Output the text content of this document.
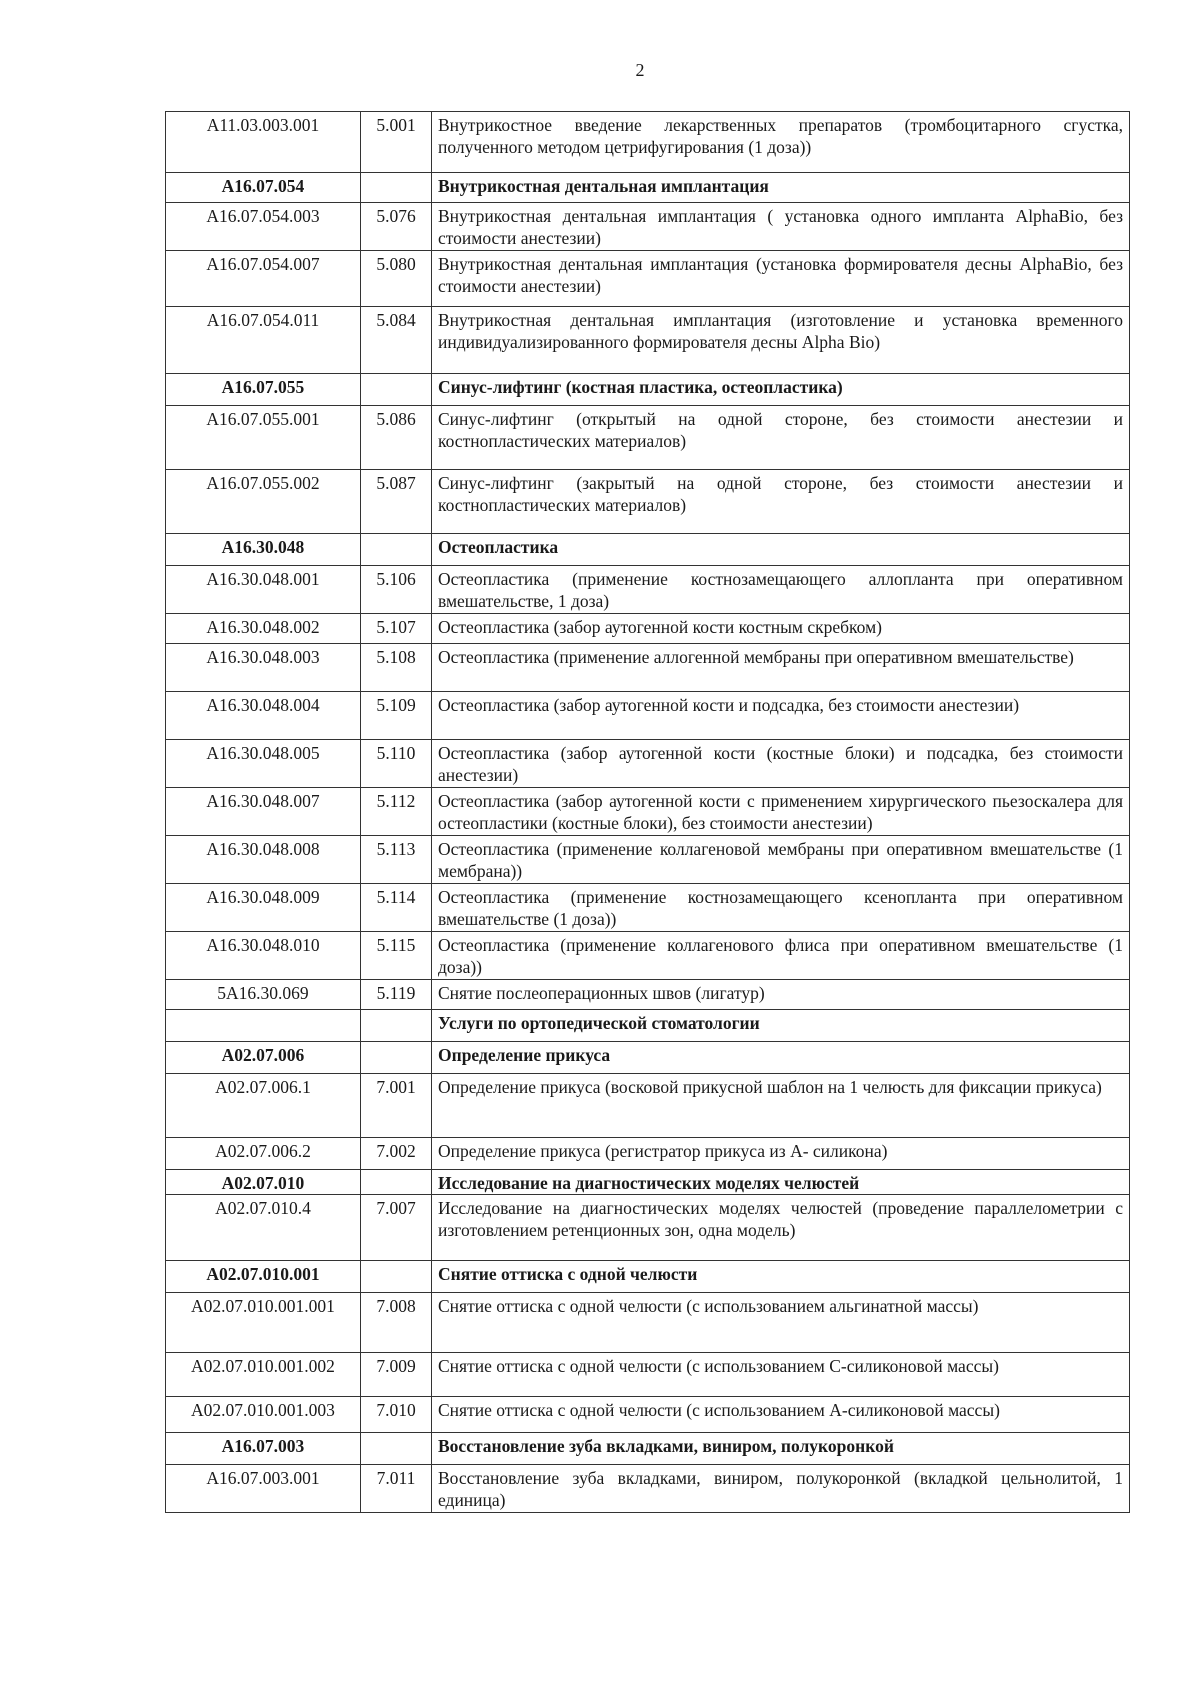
2
A11.03.003.001	5.001	Внутрикостное введение лекарственных препаратов (тромбоцитарного сгустка, полученного методом цетрифугирования (1 доза))
A16.07.054		Внутрикостная дентальная имплантация
A16.07.054.003	5.076	Внутрикостная дентальная имплантация ( установка одного импланта AlphaBio, без стоимости анестезии)
A16.07.054.007	5.080	Внутрикостная дентальная имплантация (установка формирователя десны AlphaBio, без стоимости анестезии)
A16.07.054.011	5.084	Внутрикостная дентальная имплантация (изготовление и установка временного индивидуализированного формирователя десны Alpha Bio)
A16.07.055		Синус-лифтинг (костная пластика, остеопластика)
A16.07.055.001	5.086	Синус-лифтинг (открытый на одной стороне, без стоимости анестезии и костнопластических материалов)
A16.07.055.002	5.087	Синус-лифтинг (закрытый на одной стороне, без стоимости анестезии и костнопластических материалов)
A16.30.048		Остеопластика
A16.30.048.001	5.106	Остеопластика (применение костнозамещающего аллопланта при оперативном вмешательстве, 1 доза)
A16.30.048.002	5.107	Остеопластика (забор аутогенной кости костным скребком)
A16.30.048.003	5.108	Остеопластика (применение аллогенной мембраны при оперативном вмешательстве)
A16.30.048.004	5.109	Остеопластика (забор аутогенной кости и подсадка, без стоимости анестезии)
A16.30.048.005	5.110	Остеопластика (забор аутогенной кости (костные блоки) и подсадка, без стоимости анестезии)
A16.30.048.007	5.112	Остеопластика (забор аутогенной кости с применением хирургического пьезоскалера для остеопластики (костные блоки), без стоимости анестезии)
A16.30.048.008	5.113	Остеопластика (применение коллагеновой мембраны при оперативном вмешательстве (1 мембрана))
A16.30.048.009	5.114	Остеопластика (применение костнозамещающего ксенопланта при оперативном вмешательстве (1 доза))
A16.30.048.010	5.115	Остеопластика (применение коллагенового флиса при оперативном вмешательстве (1 доза))
5A16.30.069	5.119	Снятие послеоперационных швов (лигатур)
		Услуги по ортопедической стоматологии
A02.07.006		Определение прикуса
A02.07.006.1	7.001	Определение прикуса (восковой прикусной шаблон на 1 челюсть для фиксации прикуса)
A02.07.006.2	7.002	Определение прикуса (регистратор прикуса из А- силикона)
A02.07.010		Исследование на диагностических моделях челюстей
A02.07.010.4	7.007	Исследование на диагностических моделях челюстей (проведение параллелометрии с изготовлением ретенционных зон, одна модель)
A02.07.010.001		Снятие оттиска с одной челюсти
A02.07.010.001.001	7.008	Снятие оттиска с одной челюсти (с использованием альгинатной массы)
A02.07.010.001.002	7.009	Снятие оттиска с одной челюсти (с использованием С-силиконовой массы)
A02.07.010.001.003	7.010	Снятие оттиска с одной челюсти (с использованием А-силиконовой массы)
A16.07.003		Восстановление зуба вкладками, виниром, полукоронкой
A16.07.003.001	7.011	Восстановление зуба вкладками, виниром, полукоронкой (вкладкой цельнолитой, 1 единица)
